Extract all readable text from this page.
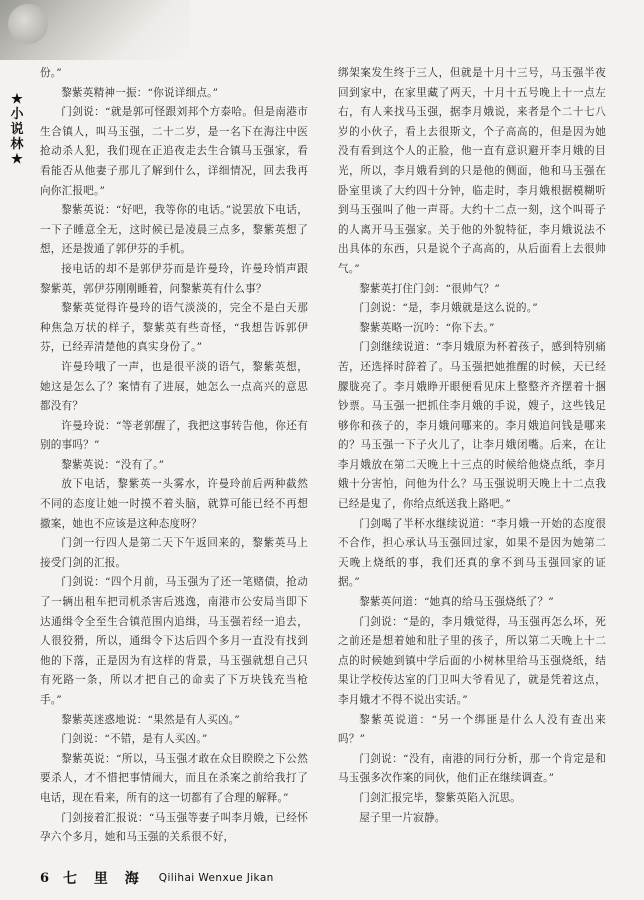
★
小
说
林
★

份。”

黎紫英精神一振：“你说详细点。”

门剑说：“就是郭可怪跟刘邦个方泰哈。但是南港市生合镇人，叫马玉强，二十二岁，是一名下在海注中医抢动杀人犯，我们现在正追夜走去生合镇马玉强家，看看能否从他妻子那儿了解到什么，详细情况，回去我再向你汇报吧。”

黎紫英说：“好吧，我等你的电话。”说罢放下电话，一下子睡意全无，这时候已是凌晨三点多，黎紫英想了想，还是拨通了郭伊芬的手机。

接电话的却不是郭伊芬而是许曼玲，许曼玲悄声跟黎紫英，郭伊芬刚刚睡着，问黎紫英有什么事？

黎紫英觉得许曼玲的语气淡淡的，完全不是白天那种焦急万状的样子，黎紫英有些奇怪，“我想告诉郭伊芬，已经弄清楚他的真实身份了。”

许曼玲哦了一声，也是很平淡的语气，黎紫英想，她这是怎么了？案情有了进展，她怎么一点高兴的意思都没有？

许曼玲说：“等老郭醒了，我把这事转告他，你还有别的事吗？”

黎紫英说：“没有了。”

放下电话，黎紫英一头雾水，许曼玲前后两种截然不同的态度让她一时摸不着头脑，就算可能已经不再想撤案，她也不应该是这种态度呀？

门剑一行四人是第二天下午返回来的，黎紫英马上接受门剑的汇报。

门剑说：“四个月前，马玉强为了还一笔赌债，抢动了一辆出租车把司机杀害后逃逸，南港市公安局当即下达通缉令全至生合镇范围内追缉，马玉强若经一追去，人很狡猾，所以，通缉令下达后四个多月一直没有找到他的下落，正是因为有这样的背景，马玉强就想自己只有死路一条，所以才把自己的命卖了下万块钱充当枪手。”

黎紫英迷惑地说：“果然是有人买凶。”

门剑说：“不错，是有人买凶。”

黎紫英说：“所以，马玉强才敢在众目睽睽之下公然要杀人，才不惜把事情闹大，而且在杀案之前给我打了电话，现在看来，所有的这一切都有了合理的解释。”

门剑接着汇报说：“马玉强等妻子叫李月娥，已经怀孕六个多月，她和马玉强的关系很不好，

绑架案发生终于三人，但就是十月十三号，马玉强半夜回到家中，在家里藏了两天，十月十五号晚上十一点左右，有人来找马玉强，据李月娥说，来者是个二十七八岁的小伙子，看上去很斯文，个子高高的，但是因为她没有看到这个人的正脸，他一直有意识避开李月娥的目光，所以，李月娥看到的只是他的侧面，他和马玉强在卧室里谈了大约四十分钟，临走时，李月娥根据模糊听到马玉强叫了他一声哥。大约十二点一刻，这个叫哥子的人离开马玉强家。关于他的外貌特征，李月娥说法不出具体的东西，只是说个子高高的，从后面看上去很帅气。”

黎紫英打住门剑：“很帅气？”

门剑说：“是，李月娥就是这么说的。”

黎紫英略一沉吟：“你下去。”

门剑继续说道：“李月娥原为杯着孩子，感到特别痛苦，还选择时辞着了。马玉强把她推醒的时候，天已经朦胧亮了。李月娥睁开眼便看见床上整整齐齐摆着十捆钞票。马玉强一把抓住李月娥的手说，嫂子，这些钱足够你和孩子的，李月娥问哪来的。李月娥追问钱是哪来的？马玉强一下子火儿了，让李月娥闭嘴。后来，在让李月娥放在第二天晚上十三点的时候给他烧点纸，李月娥十分害怕，问他为什么？马玉强说明天晚上十二点我已经是鬼了，你给点纸送我上路吧。”

门剑喝了半杯水继续说道：“李月娥一开始的态度很不合作，担心承认马玉强回过家，如果不是因为她第二天晚上烧纸的事，我们还真的拿不到马玉强回家的证据。”

黎紫英问道：“她真的给马玉强烧纸了？”

门剑说：“是的，李月娥觉得，马玉强再怎么坏，死之前还是想着她和肚子里的孩子，所以第二天晚上十二点的时候她到镇中学后面的小树林里给马玉强烧纸，结果让学校传达室的门卫叫大爷看见了，就是凭着这点，李月娥才不得不说出实话。”

黎紫英说道：“另一个绑匪是什么人没有查出来吗？”

门剑说：“没有，南港的同行分析，那一个肯定是和马玉强多次作案的同伙，他们正在继续调查。”

门剑汇报完毕，黎紫英陷入沉思。

屋子里一片寂静。

6 七 里 海 Qilihai Wenxue Jikan
